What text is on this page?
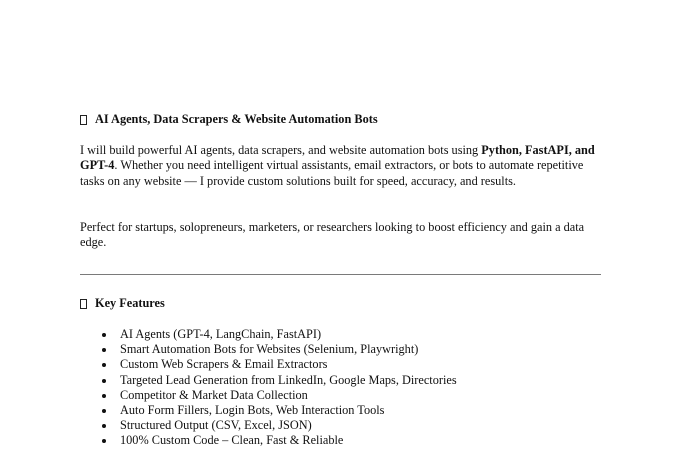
AI Agents, Data Scrapers & Website Automation Bots

I will build powerful AI agents, data scrapers, and website automation bots using Python, FastAPI, and GPT-4. Whether you need intelligent virtual assistants, email extractors, or bots to automate repetitive tasks on any website — I provide custom solutions built for speed, accuracy, and results.

Perfect for startups, solopreneurs, marketers, or researchers looking to boost efficiency and gain a data edge.

Key Features
AI Agents (GPT-4, LangChain, FastAPI)
Smart Automation Bots for Websites (Selenium, Playwright)
Custom Web Scrapers & Email Extractors
Targeted Lead Generation from LinkedIn, Google Maps, Directories
Competitor & Market Data Collection
Auto Form Fillers, Login Bots, Web Interaction Tools
Structured Output (CSV, Excel, JSON)
100% Custom Code – Clean, Fast & Reliable
